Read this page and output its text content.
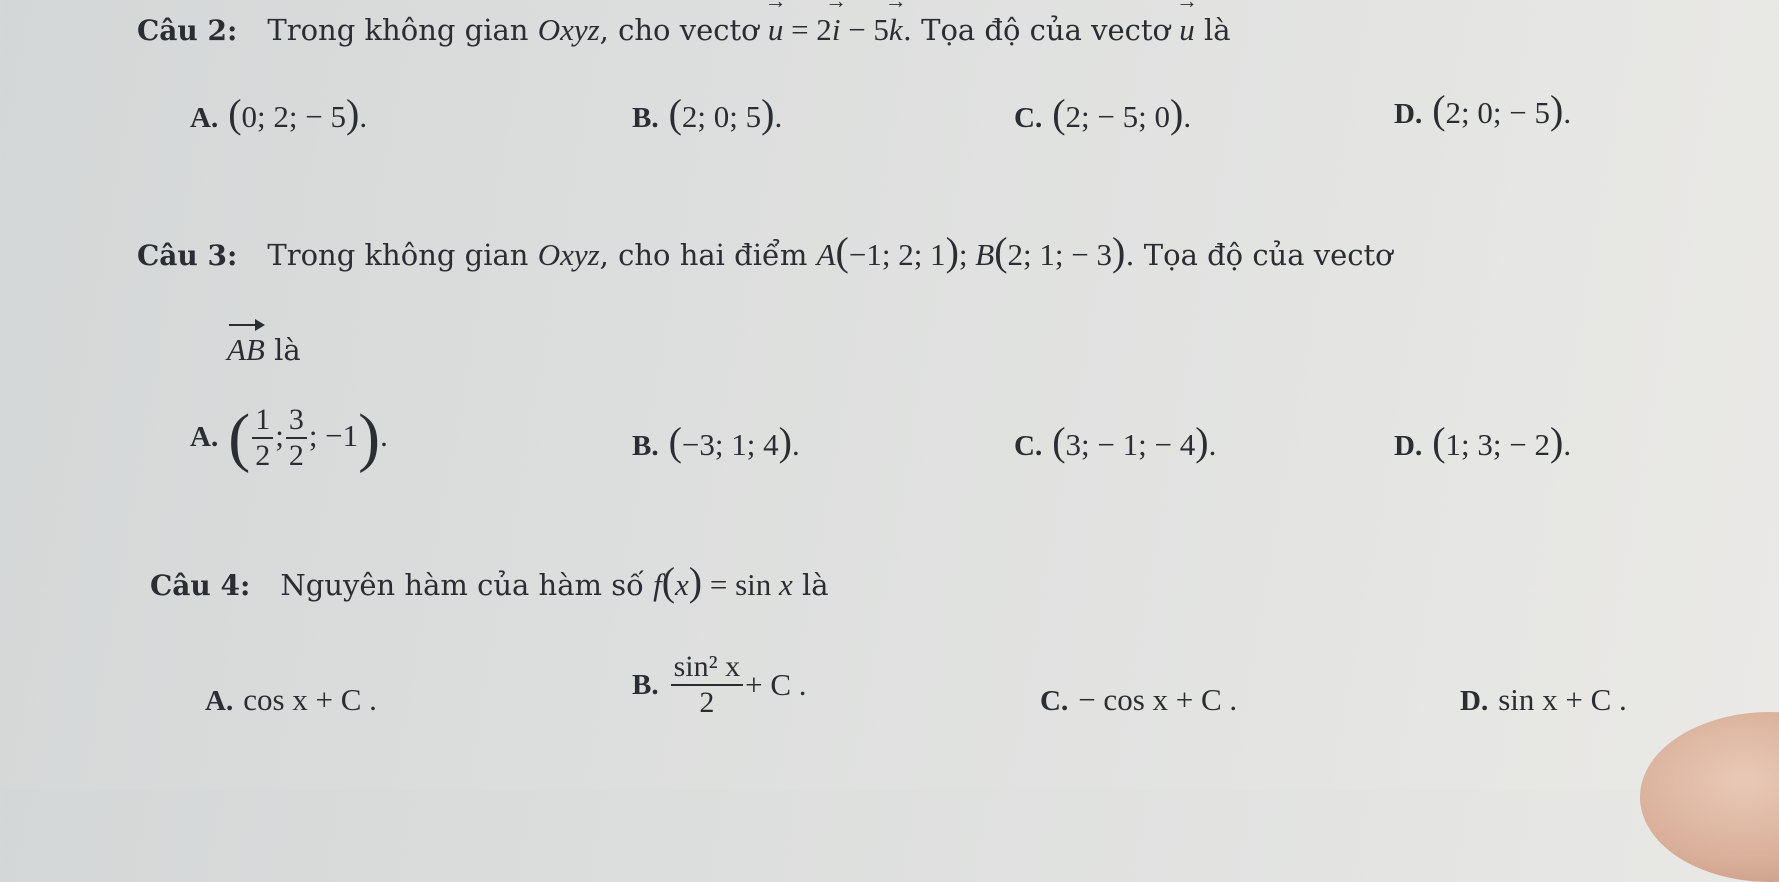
Câu 2: Trong không gian Oxyz, cho vectơ → u = 2→ i − 5→ k. Tọa độ của vectơ → u là
A. (0; 2; − 5).	B. (2; 0; 5).	C. (2; − 5; 0).	D. (2; 0; − 5).
Câu 3: Trong không gian Oxyz, cho hai điểm A(−1; 2; 1); B(2; 1; − 3). Tọa độ của vectơ
AB là
A. ( $\frac{1}{2}$ ; $\frac{3}{2}$ ; −1).	B. (−3; 1; 4).	C. (3; − 1; − 4).	D. (1; 3; − 2).
Câu 4: Nguyên hàm của hàm số f(x) = sin x là
A. cos x + C .	B. $\frac{\text{sin² x}}{2} + C$ .	C. − cos x + C .	D. sin x + C .
